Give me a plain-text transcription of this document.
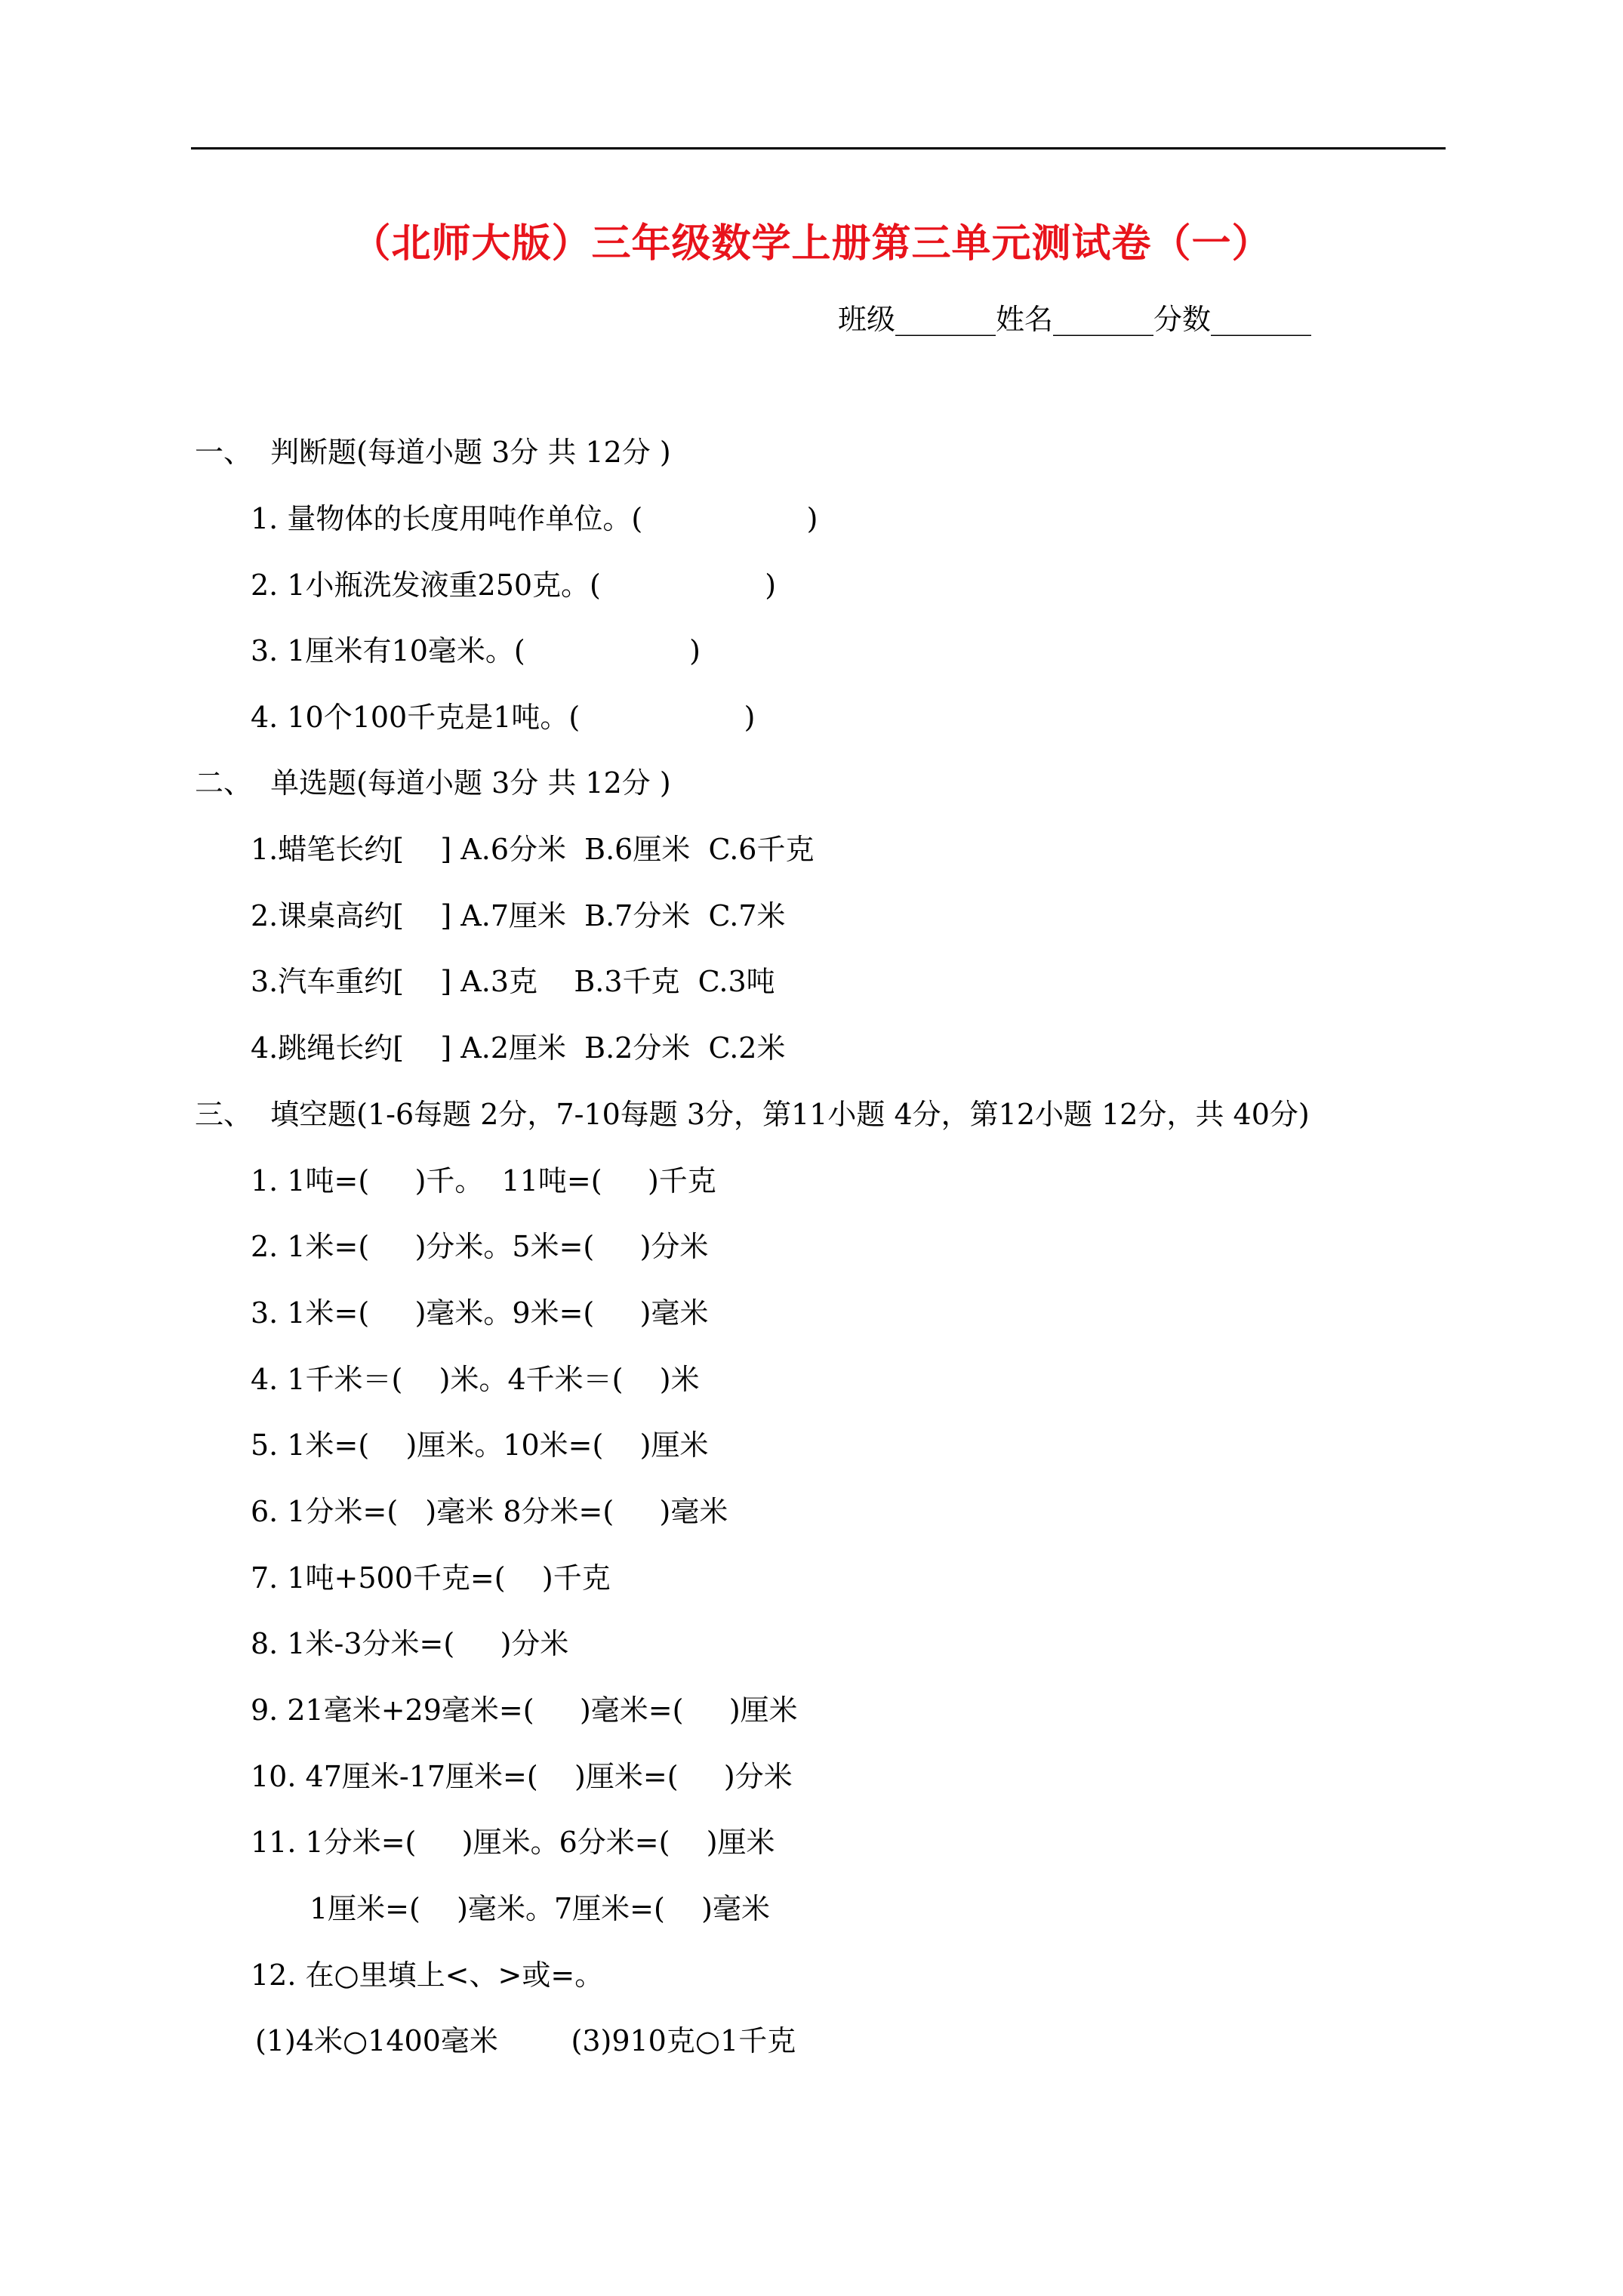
（北师大版）三年级数学上册第三单元测试卷（一）
班级_______姓名_______分数_______
一、  判断题(每道小题 3分 共 12分 )
1. 量物体的长度用吨作单位。(                  )
2. 1小瓶洗发液重250克。(                  )
3. 1厘米有10毫米。(                  )
4. 10个100千克是1吨。(                  )
二、  单选题(每道小题 3分 共 12分 )
1.蜡笔长约[    ] A.6分米  B.6厘米  C.6千克
2.课桌高约[    ] A.7厘米  B.7分米  C.7米
3.汽车重约[    ] A.3克    B.3千克  C.3吨
4.跳绳长约[    ] A.2厘米  B.2分米  C.2米
三、  填空题(1-6每题 2分，7-10每题 3分，第11小题 4分，第12小题 12分，共 40分)
1. 1吨=(     )千。  11吨=(     )千克
2. 1米=(     )分米。5米=(     )分米
3. 1米=(     )毫米。9米=(     )毫米
4. 1千米＝(    )米。4千米＝(    )米
5. 1米=(    )厘米。10米=(    )厘米
6. 1分米=(   )毫米 8分米=(     )毫米
7. 1吨+500千克=(    )千克
8. 1米-3分米=(     )分米
9. 21毫米+29毫米=(     )毫米=(     )厘米
10. 47厘米-17厘米=(    )厘米=(     )分米
11. 1分米=(     )厘米。6分米=(    )厘米
1厘米=(    )毫米。7厘米=(    )毫米
12. 在○里填上<、>或=。
(1)4米○1400毫米        (3)910克○1千克
